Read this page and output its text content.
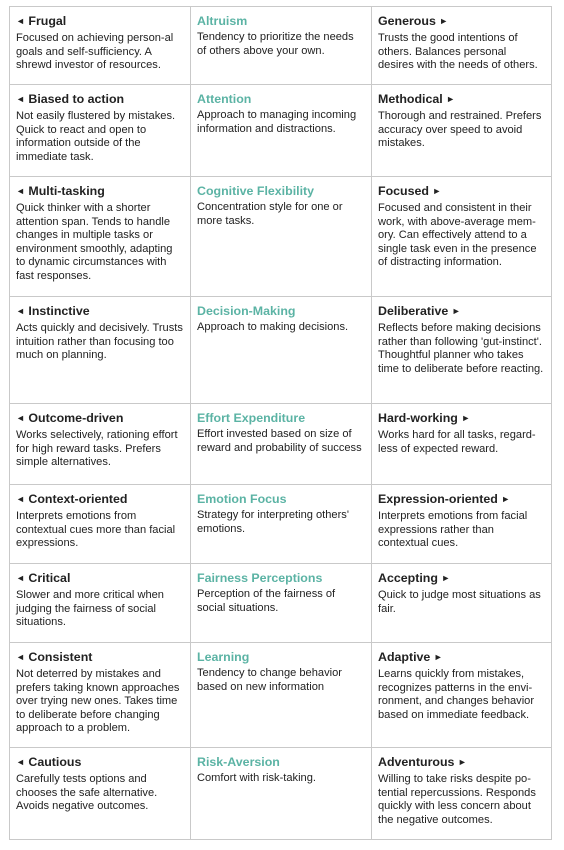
◄ Frugal
Focused on achieving person-al goals and self-sufficiency. A shrewd investor of resources.
Altruism
Tendency to prioritize the needs of others above your own.
Generous ►
Trusts the good intentions of others. Balances personal desires with the needs of others.
◄ Biased to action
Not easily flustered by mistakes. Quick to react and open to information outside of the immediate task.
Attention
Approach to managing incoming information and distractions.
Methodical ►
Thorough and restrained. Prefers accuracy over speed to avoid mistakes.
◄ Multi-tasking
Quick thinker with a shorter attention span. Tends to handle changes in multiple tasks or environment smoothly, adapting to dynamic circumstances with fast responses.
Cognitive Flexibility
Concentration style for one or more tasks.
Focused ►
Focused and consistent in their work, with above-average mem-ory. Can effectively attend to a single task even in the presence of distracting information.
◄ Instinctive
Acts quickly and decisively. Trusts intuition rather than focusing too much on planning.
Decision-Making
Approach to making decisions.
Deliberative ►
Reflects before making decisions rather than following 'gut-instinct'. Thoughtful planner who takes time to deliberate before reacting.
◄ Outcome-driven
Works selectively, rationing effort for high reward tasks. Prefers simple alternatives.
Effort Expenditure
Effort invested based on size of reward and probability of success
Hard-working ►
Works hard for all tasks, regard-less of expected reward.
◄ Context-oriented
Interprets emotions from contextual cues more than facial expressions.
Emotion Focus
Strategy for interpreting others' emotions.
Expression-oriented ►
Interprets emotions from facial expressions rather than contextual cues.
◄ Critical
Slower and more critical when judging the fairness of social situations.
Fairness Perceptions
Perception of the fairness of social situations.
Accepting ►
Quick to judge most situations as fair.
◄ Consistent
Not deterred by mistakes and prefers taking known approaches over trying new ones. Takes time to deliberate before changing approach to a problem.
Learning
Tendency to change behavior based on new information
Adaptive ►
Learns quickly from mistakes, recognizes patterns in the envi-ronment, and changes behavior based on immediate feedback.
◄ Cautious
Carefully tests options and chooses the safe alternative. Avoids negative outcomes.
Risk-Aversion
Comfort with risk-taking.
Adventurous ►
Willing to take risks despite po-tential repercussions. Responds quickly with less concern about the negative outcomes.
